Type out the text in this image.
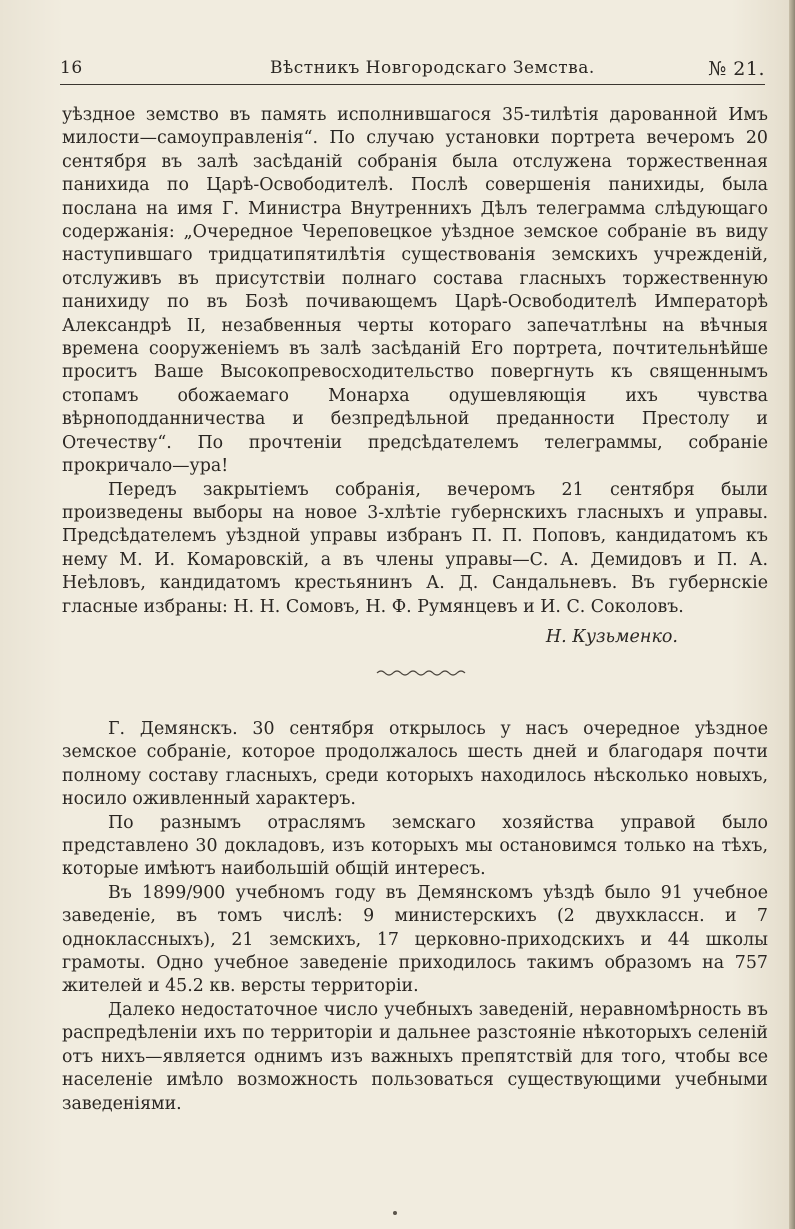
16	Вѣстникъ Новгородскаго Земства.	№ 21.

уѣздное земство въ память исполнившагося 35-тилѣтія дарованной Имъ милости—самоуправленія“. По случаю установки портрета вечеромъ 20 сентября въ залѣ засѣданій собранія была отслужена торжественная панихида по Царѣ-Освободителѣ. Послѣ совершенія панихиды, была послана на имя Г. Министра Внутреннихъ Дѣлъ телеграмма слѣдующаго содержанія: „Очередное Череповецкое уѣздное земское собраніе въ виду наступившаго тридцатипятилѣтія существованія земскихъ учрежденій, отслуживъ въ присутствіи полнаго состава гласныхъ торжественную панихиду по въ Бозѣ почивающемъ Царѣ-Освободителѣ Императорѣ Александрѣ II, незабвенныя черты котораго запечатлѣны на вѣчныя времена сооруженіемъ въ залѣ засѣданій Его портрета, почтительнѣйше проситъ Ваше Высокопревосходительство повергнуть къ священнымъ стопамъ обожаемаго Монарха одушевляющія ихъ чувства вѣрноподданничества и безпредѣльной преданности Престолу и Отечеству“. По прочтеніи предсѣдателемъ телеграммы, собраніе прокричало—ура!

Передъ закрытіемъ собранія, вечеромъ 21 сентября были произведены выборы на новое 3-хлѣтіе губернскихъ гласныхъ и управы. Предсѣдателемъ уѣздной управы избранъ П. П. Поповъ, кандидатомъ къ нему М. И. Комаровскій, а въ члены управы—С. А. Демидовъ и П. А. Неѣловъ, кандидатомъ крестьянинъ А. Д. Сандальневъ. Въ губернскіе гласные избраны: Н. Н. Сомовъ, Н. Ф. Румянцевъ и И. С. Соколовъ.

Н. Кузьменко.

Г. Демянскъ. 30 сентября открылось у насъ очередное уѣздное земское собраніе, которое продолжалось шесть дней и благодаря почти полному составу гласныхъ, среди которыхъ находилось нѣсколько новыхъ, носило оживленный характеръ.

По разнымъ отраслямъ земскаго хозяйства управой было представлено 30 докладовъ, изъ которыхъ мы остановимся только на тѣхъ, которые имѣютъ наибольшій общій интересъ.

Въ 1899/900 учебномъ году въ Демянскомъ уѣздѣ было 91 учебное заведеніе, въ томъ числѣ: 9 министерскихъ (2 двухклассн. и 7 одноклассныхъ), 21 земскихъ, 17 церковно-приходскихъ и 44 школы грамоты. Одно учебное заведеніе приходилось такимъ образомъ на 757 жителей и 45.2 кв. версты территоріи.

Далеко недостаточное число учебныхъ заведеній, неравномѣрность въ распредѣленіи ихъ по территоріи и дальнее разстояніе нѣкоторыхъ селеній отъ нихъ—является однимъ изъ важныхъ препятствій для того, чтобы все населеніе имѣло возможность пользоваться существующими учебными заведеніями.
